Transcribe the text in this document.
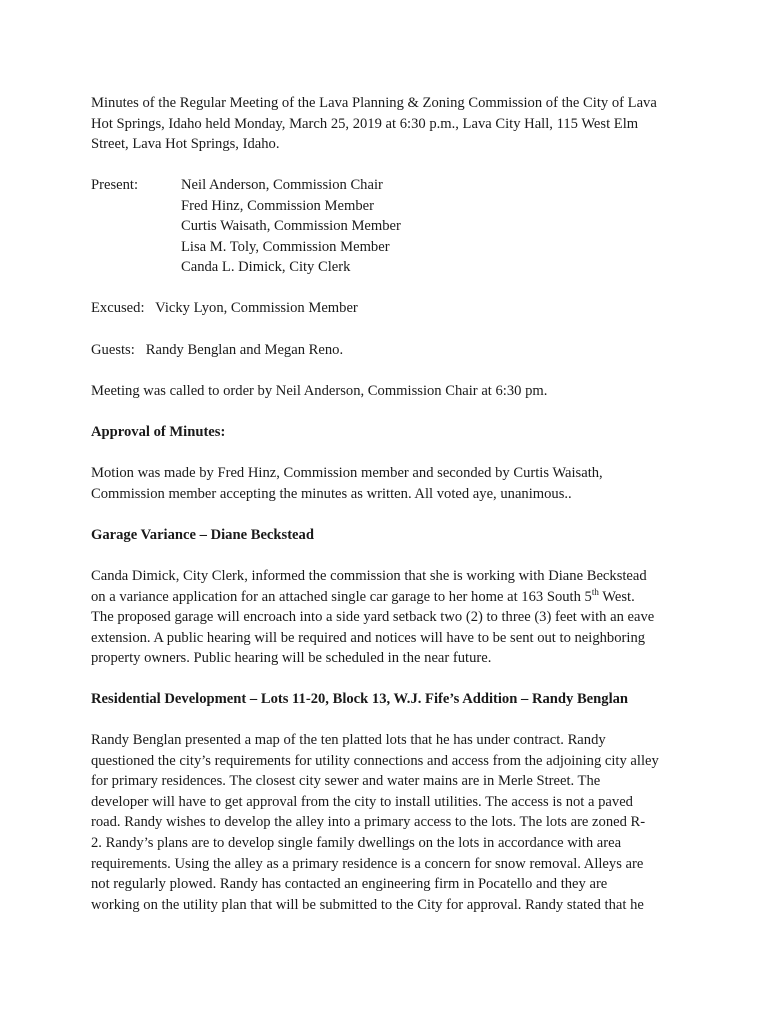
Minutes of the Regular Meeting of the Lava Planning & Zoning Commission of the City of Lava
Hot Springs, Idaho held Monday, March 25, 2019 at 6:30 p.m., Lava City Hall, 115 West Elm
Street, Lava Hot Springs, Idaho.

Present:	Neil Anderson, Commission Chair
Fred Hinz, Commission Member
Curtis Waisath, Commission Member
Lisa M. Toly, Commission Member
Canda L. Dimick, City Clerk

Excused:   Vicky Lyon, Commission Member

Guests:   Randy Benglan and Megan Reno.

Meeting was called to order by Neil Anderson, Commission Chair at 6:30 pm.

Approval of Minutes:

Motion was made by Fred Hinz, Commission member and seconded by Curtis Waisath,
Commission member accepting the minutes as written. All voted aye, unanimous..

Garage Variance – Diane Beckstead

Canda Dimick, City Clerk, informed the commission that she is working with Diane Beckstead
on a variance application for an attached single car garage to her home at 163 South 5th West.
The proposed garage will encroach into a side yard setback two (2) to three (3) feet with an eave
extension. A public hearing will be required and notices will have to be sent out to neighboring
property owners. Public hearing will be scheduled in the near future.

Residential Development – Lots 11-20, Block 13, W.J. Fife’s Addition – Randy Benglan

Randy Benglan presented a map of the ten platted lots that he has under contract. Randy
questioned the city’s requirements for utility connections and access from the adjoining city alley
for primary residences. The closest city sewer and water mains are in Merle Street. The
developer will have to get approval from the city to install utilities. The access is not a paved
road. Randy wishes to develop the alley into a primary access to the lots. The lots are zoned R-
2. Randy’s plans are to develop single family dwellings on the lots in accordance with area
requirements. Using the alley as a primary residence is a concern for snow removal. Alleys are
not regularly plowed. Randy has contacted an engineering firm in Pocatello and they are
working on the utility plan that will be submitted to the City for approval. Randy stated that he
